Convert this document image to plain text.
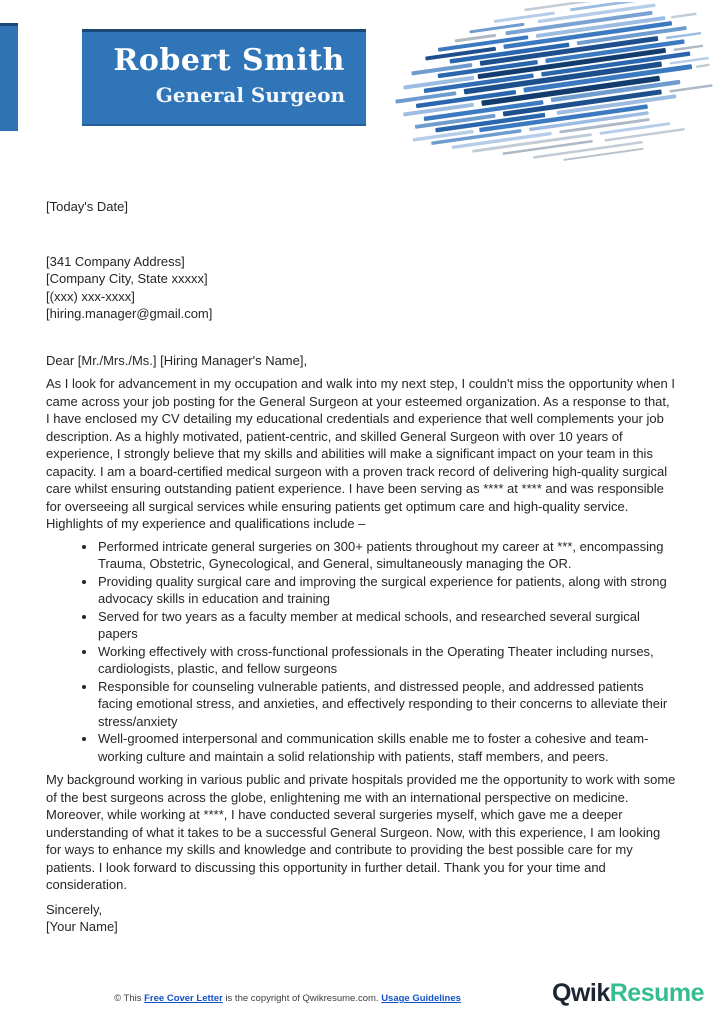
Robert Smith
General Surgeon

[Today's Date]

[341 Company Address]
[Company City, State xxxxx]
[(xxx) xxx-xxxx]
[hiring.manager@gmail.com]

Dear [Mr./Mrs./Ms.] [Hiring Manager's Name],

As I look for advancement in my occupation and walk into my next step, I couldn't miss the opportunity when I came across your job posting for the General Surgeon at your esteemed organization. As a response to that, I have enclosed my CV detailing my educational credentials and experience that well complements your job description. As a highly motivated, patient-centric, and skilled General Surgeon with over 10 years of experience, I strongly believe that my skills and abilities will make a significant impact on your team in this capacity. I am a board-certified medical surgeon with a proven track record of delivering high-quality surgical care whilst ensuring outstanding patient experience. I have been serving as **** at **** and was responsible for overseeing all surgical services while ensuring patients get optimum care and high-quality service. Highlights of my experience and qualifications include –

• Performed intricate general surgeries on 300+ patients throughout my career at ***, encompassing Trauma, Obstetric, Gynecological, and General, simultaneously managing the OR.
• Providing quality surgical care and improving the surgical experience for patients, along with strong advocacy skills in education and training
• Served for two years as a faculty member at medical schools, and researched several surgical papers
• Working effectively with cross-functional professionals in the Operating Theater including nurses, cardiologists, plastic, and fellow surgeons
• Responsible for counseling vulnerable patients, and distressed people, and addressed patients facing emotional stress, and anxieties, and effectively responding to their concerns to alleviate their stress/anxiety
• Well-groomed interpersonal and communication skills enable me to foster a cohesive and team-working culture and maintain a solid relationship with patients, staff members, and peers.

My background working in various public and private hospitals provided me the opportunity to work with some of the best surgeons across the globe, enlightening me with an international perspective on medicine. Moreover, while working at ****, I have conducted several surgeries myself, which gave me a deeper understanding of what it takes to be a successful General Surgeon. Now, with this experience, I am looking for ways to enhance my skills and knowledge and contribute to providing the best possible care for my patients. I look forward to discussing this opportunity in further detail. Thank you for your time and consideration.

Sincerely,
[Your Name]
© This Free Cover Letter is the copyright of Qwikresume.com. Usage Guidelines	QwikResume
